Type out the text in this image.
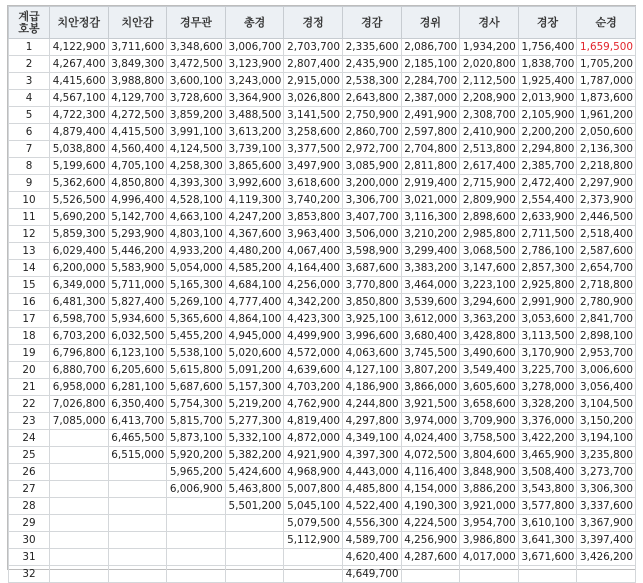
계급
호봉	치안정감	치안감	경무관	총경	경정	경감	경위	경사	경장	순경
1	4,122,900	3,711,600	3,348,600	3,006,700	2,703,700	2,335,600	2,086,700	1,934,200	1,756,400	1,659,500
2	4,267,400	3,849,300	3,472,500	3,123,900	2,807,400	2,435,900	2,185,100	2,020,800	1,838,700	1,705,200
3	4,415,600	3,988,800	3,600,100	3,243,000	2,915,000	2,538,300	2,284,700	2,112,500	1,925,400	1,787,000
4	4,567,100	4,129,700	3,728,600	3,364,900	3,026,800	2,643,800	2,387,000	2,208,900	2,013,900	1,873,600
5	4,722,300	4,272,500	3,859,200	3,488,500	3,141,500	2,750,900	2,491,900	2,308,700	2,105,900	1,961,200
6	4,879,400	4,415,500	3,991,100	3,613,200	3,258,600	2,860,700	2,597,800	2,410,900	2,200,200	2,050,600
7	5,038,800	4,560,400	4,124,500	3,739,100	3,377,500	2,972,700	2,704,800	2,513,800	2,294,800	2,136,300
8	5,199,600	4,705,100	4,258,300	3,865,600	3,497,900	3,085,900	2,811,800	2,617,400	2,385,700	2,218,800
9	5,362,600	4,850,800	4,393,300	3,992,600	3,618,600	3,200,000	2,919,400	2,715,900	2,472,400	2,297,900
10	5,526,500	4,996,400	4,528,100	4,119,300	3,740,200	3,306,700	3,021,000	2,809,900	2,554,400	2,373,900
11	5,690,200	5,142,700	4,663,100	4,247,200	3,853,800	3,407,700	3,116,300	2,898,600	2,633,900	2,446,500
12	5,859,300	5,293,900	4,803,100	4,367,600	3,963,400	3,506,000	3,210,200	2,985,800	2,711,500	2,518,400
13	6,029,400	5,446,200	4,933,200	4,480,200	4,067,400	3,598,900	3,299,400	3,068,500	2,786,100	2,587,600
14	6,200,000	5,583,900	5,054,000	4,585,200	4,164,400	3,687,600	3,383,200	3,147,600	2,857,300	2,654,700
15	6,349,000	5,711,000	5,165,300	4,684,100	4,256,000	3,770,800	3,464,000	3,223,100	2,925,800	2,718,800
16	6,481,300	5,827,400	5,269,100	4,777,400	4,342,200	3,850,800	3,539,600	3,294,600	2,991,900	2,780,900
17	6,598,700	5,934,600	5,365,600	4,864,100	4,423,300	3,925,100	3,612,000	3,363,200	3,053,600	2,841,700
18	6,703,200	6,032,500	5,455,200	4,945,000	4,499,900	3,996,600	3,680,400	3,428,800	3,113,500	2,898,100
19	6,796,800	6,123,100	5,538,100	5,020,600	4,572,000	4,063,600	3,745,500	3,490,600	3,170,900	2,953,700
20	6,880,700	6,205,600	5,615,800	5,091,200	4,639,600	4,127,100	3,807,200	3,549,400	3,225,700	3,006,600
21	6,958,000	6,281,100	5,687,600	5,157,300	4,703,200	4,186,900	3,866,000	3,605,600	3,278,000	3,056,400
22	7,026,800	6,350,400	5,754,300	5,219,200	4,762,900	4,244,800	3,921,500	3,658,600	3,328,200	3,104,500
23	7,085,000	6,413,700	5,815,700	5,277,300	4,819,400	4,297,800	3,974,000	3,709,900	3,376,000	3,150,200
24		6,465,500	5,873,100	5,332,100	4,872,000	4,349,100	4,024,400	3,758,500	3,422,200	3,194,100
25		6,515,000	5,920,200	5,382,200	4,921,900	4,397,300	4,072,500	3,804,600	3,465,900	3,235,800
26			5,965,200	5,424,600	4,968,900	4,443,000	4,116,400	3,848,900	3,508,400	3,273,700
27			6,006,900	5,463,800	5,007,800	4,485,800	4,154,000	3,886,200	3,543,800	3,306,300
28				5,501,200	5,045,100	4,522,400	4,190,300	3,921,000	3,577,800	3,337,600
29					5,079,500	4,556,300	4,224,500	3,954,700	3,610,100	3,367,900
30					5,112,900	4,589,700	4,256,900	3,986,800	3,641,300	3,397,400
31						4,620,400	4,287,600	4,017,000	3,671,600	3,426,200
32						4,649,700				
